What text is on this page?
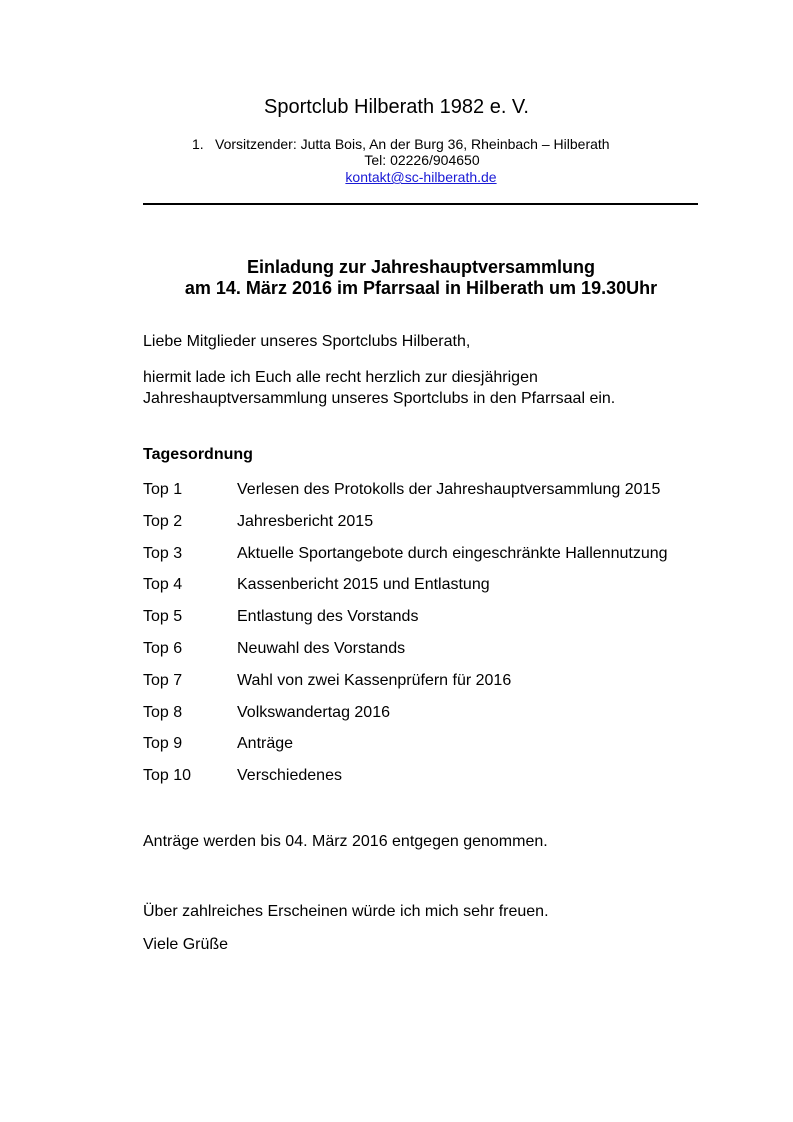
Sportclub Hilberath 1982 e. V.
1. Vorsitzender: Jutta Bois, An der Burg 36, Rheinbach – Hilberath
Tel: 02226/904650
kontakt@sc-hilberath.de
Einladung zur Jahreshauptversammlung
am 14. März 2016 im Pfarrsaal in Hilberath um 19.30Uhr
Liebe Mitglieder unseres Sportclubs Hilberath,
hiermit lade ich Euch alle recht herzlich zur diesjährigen
Jahreshauptversammlung unseres Sportclubs in den Pfarrsaal ein.
Tagesordnung
Top 1	Verlesen des Protokolls der Jahreshauptversammlung 2015
Top 2	Jahresbericht 2015
Top 3	Aktuelle Sportangebote durch eingeschränkte Hallennutzung
Top 4	Kassenbericht 2015 und Entlastung
Top 5	Entlastung des Vorstands
Top 6	Neuwahl des Vorstands
Top 7	Wahl von zwei Kassenprüfern für 2016
Top 8	Volkswandertag 2016
Top 9	Anträge
Top 10	Verschiedenes
Anträge werden bis 04. März 2016 entgegen genommen.
Über zahlreiches Erscheinen würde ich mich sehr freuen.
Viele Grüße
